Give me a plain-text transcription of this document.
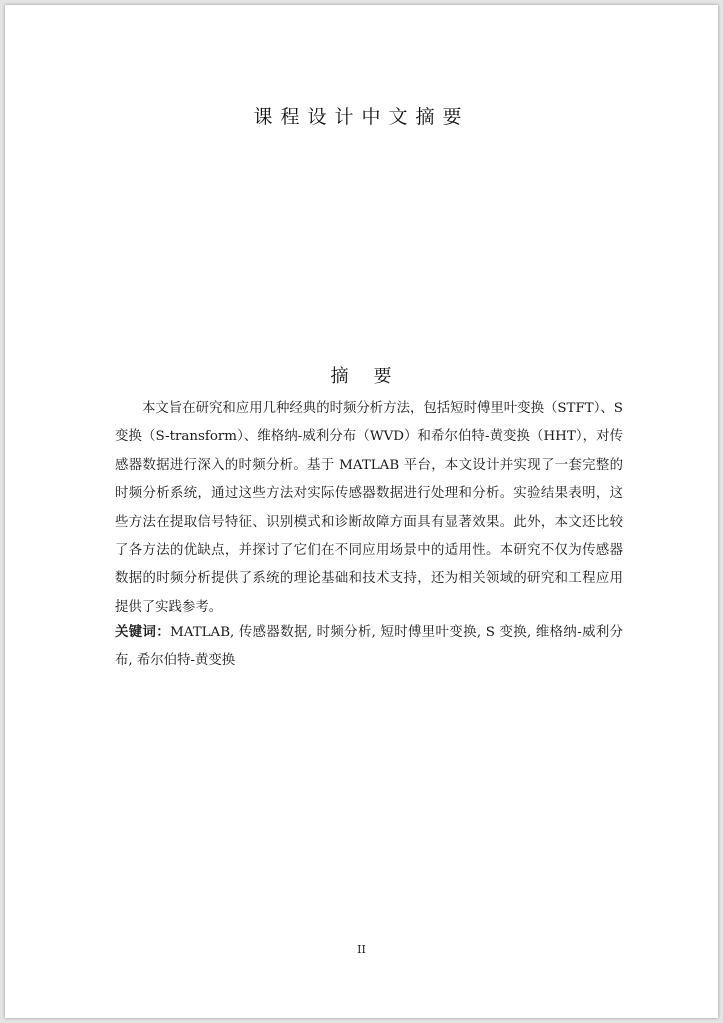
课程设计中文摘要
摘 要

本文旨在研究和应用几种经典的时频分析方法，包括短时傅里叶变换（STFT）、S 变换（S-transform）、维格纳-威利分布（WVD）和希尔伯特-黄变换（HHT），对传感器数据进行深入的时频分析。基于 MATLAB 平台，本文设计并实现了一套完整的时频分析系统，通过这些方法对实际传感器数据进行处理和分析。实验结果表明，这些方法在提取信号特征、识别模式和诊断故障方面具有显著效果。此外，本文还比较了各方法的优缺点，并探讨了它们在不同应用场景中的适用性。本研究不仅为传感器数据的时频分析提供了系统的理论基础和技术支持，还为相关领域的研究和工程应用提供了实践参考。

关键词：MATLAB, 传感器数据, 时频分析, 短时傅里叶变换, S 变换, 维格纳-威利分布, 希尔伯特-黄变换

II
